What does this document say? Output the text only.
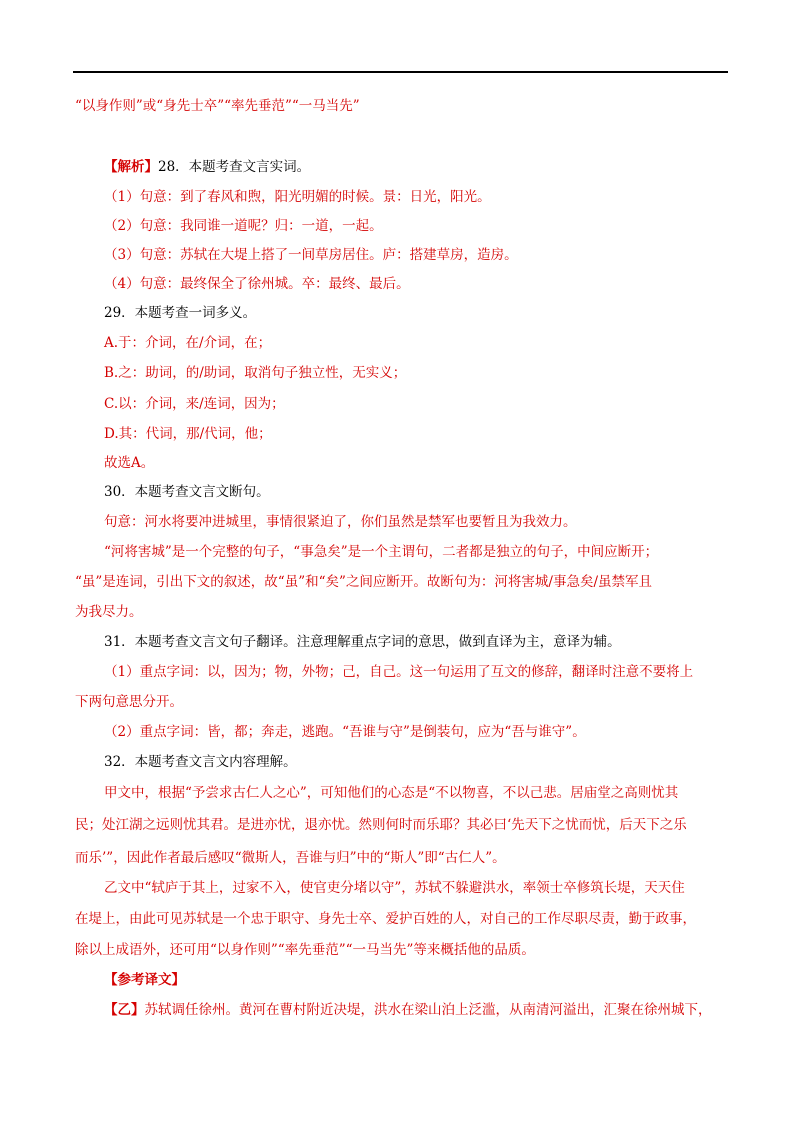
“以身作则”或“身先士卒”“率先垂范”“一马当先”
【解析】28．本题考查文言实词。
（1）句意：到了春风和煦，阳光明媚的时候。景：日光，阳光。
（2）句意：我同谁一道呢？归：一道，一起。
（3）句意：苏轼在大堤上搭了一间草房居住。庐：搭建草房，造房。
（4）句意：最终保全了徐州城。卒：最终、最后。
29．本题考查一词多义。
A.于：介词，在/介词，在；
B.之：助词，的/助词，取消句子独立性，无实义；
C.以：介词，来/连词，因为；
D.其：代词，那/代词，他；
故选A。
30．本题考查文言文断句。
句意：河水将要冲进城里，事情很紧迫了，你们虽然是禁军也要暂且为我效力。
“河将害城”是一个完整的句子，“事急矣”是一个主谓句，二者都是独立的句子，中间应断开；
“虽”是连词，引出下文的叙述，故“虽”和“矣”之间应断开。故断句为：河将害城/事急矣/虽禁军且
为我尽力。
31．本题考查文言文句子翻译。注意理解重点字词的意思，做到直译为主，意译为辅。
（1）重点字词：以，因为；物，外物；己，自己。这一句运用了互文的修辞，翻译时注意不要将上
下两句意思分开。
（2）重点字词：皆，都；奔走，逃跑。“吾谁与守”是倒装句，应为“吾与谁守”。
32．本题考查文言文内容理解。
甲文中，根据“予尝求古仁人之心”，可知他们的心态是“不以物喜，不以己悲。居庙堂之高则忧其
民；处江湖之远则忧其君。是进亦忧，退亦忧。然则何时而乐耶？其必曰‘先天下之忧而忧，后天下之乐
而乐’”，因此作者最后感叹“微斯人，吾谁与归”中的“斯人”即“古仁人”。
乙文中“轼庐于其上，过家不入，使官吏分堵以守”，苏轼不躲避洪水，率领士卒修筑长堤，天天住
在堤上，由此可见苏轼是一个忠于职守、身先士卒、爱护百姓的人，对自己的工作尽职尽责，勤于政事，
除以上成语外，还可用“以身作则”“率先垂范”“一马当先”等来概括他的品质。
【参考译文】
【乙】苏轼调任徐州。黄河在曹村附近决堤，洪水在梁山泊上泛滥，从南清河溢出，汇聚在徐州城下，
